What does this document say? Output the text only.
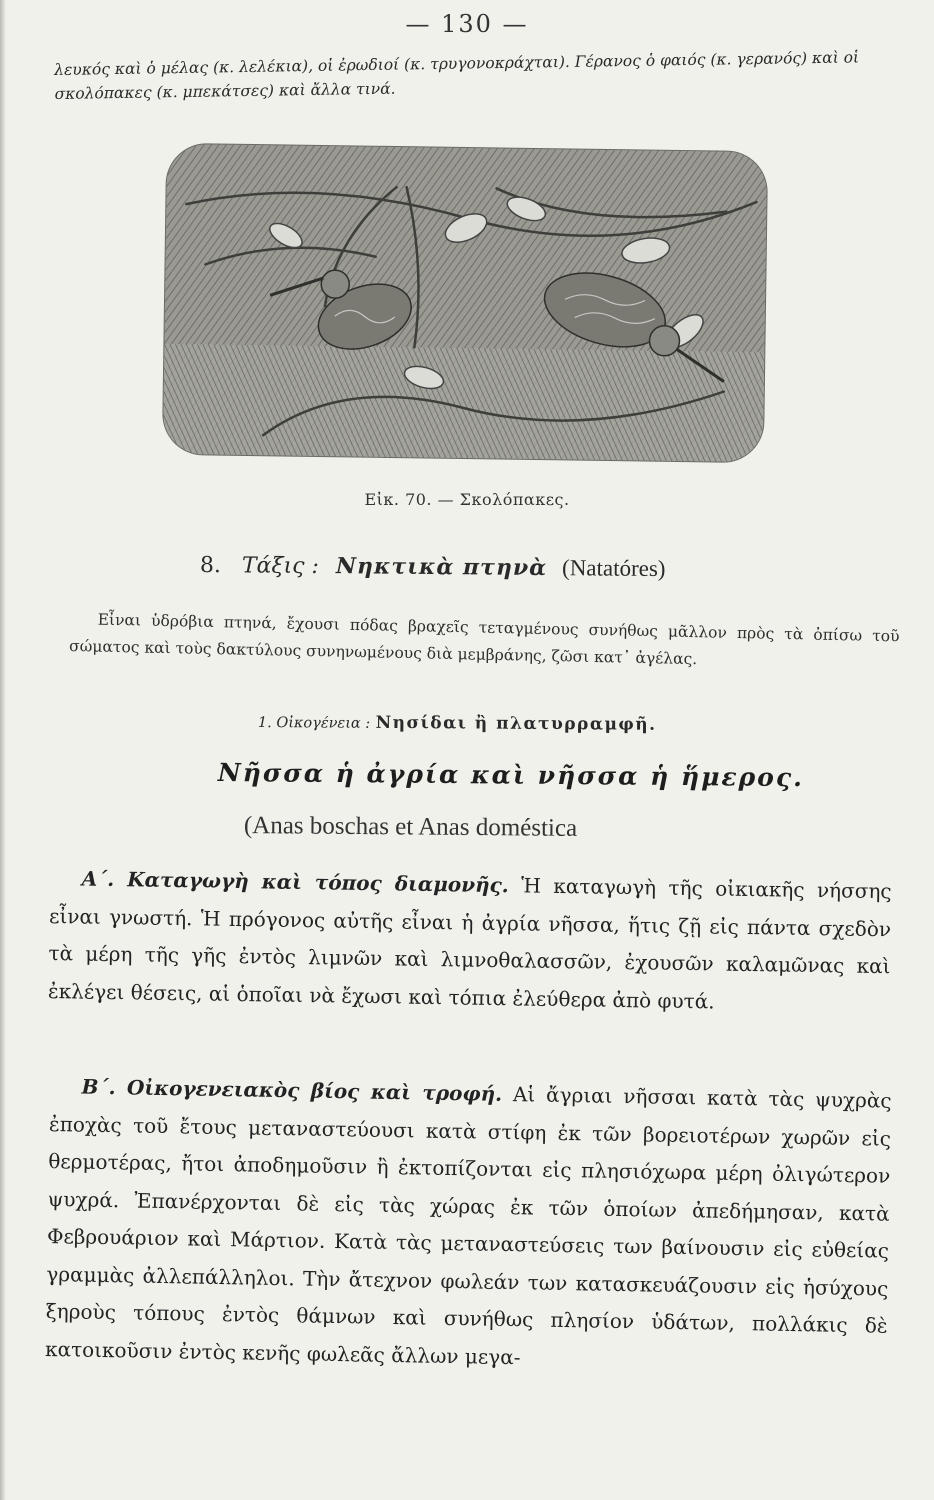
— 130 —

λευκός καὶ ὁ μέλας (κ. λελέκια), οἱ ἐρωδιοί (κ. τρυγονοκράχται). Γέρανος ὁ φαιός (κ. γερανός) καὶ οἱ σκολόπακες (κ. μπεκάτσες) καὶ ἄλλα τινά.

Εἰκ. 70. — Σκολόπακες.
8. Τάξις : Νηκτικὰ πτηνὰ (Natatóres)

Εἶναι ὑδρόβια πτηνά, ἔχουσι πόδας βραχεῖς τεταγμένους συνήθως μᾶλλον πρὸς τὰ ὀπίσω τοῦ σώματος καὶ τοὺς δακτύλους συνηνωμένους διὰ μεμβράνης, ζῶσι κατ᾿ ἀγέλας.

1. Οἰκογένεια : Νησίδαι ἢ πλατυρραμφῆ.
Νῆσσα ἡ ἀγρία καὶ νῆσσα ἡ ἥμερος.
(Anas boschas et Anas doméstica

Α΄. Καταγωγὴ καὶ τόπος διαμονῆς. Ἡ καταγωγὴ τῆς οἰκιακῆς νήσσης εἶναι γνωστή. Ἡ πρόγονος αὐτῆς εἶναι ἡ ἀγρία νῆσσα, ἥτις ζῇ εἰς πάντα σχεδὸν τὰ μέρη τῆς γῆς ἐντὸς λιμνῶν καὶ λιμνοθαλασσῶν, ἐχουσῶν καλαμῶνας καὶ ἐκλέγει θέσεις, αἱ ὁποῖαι νὰ ἔχωσι καὶ τόπια ἐλεύθερα ἀπὸ φυτά.

Β΄. Οἰκογενειακὸς βίος καὶ τροφή. Αἱ ἄγριαι νῆσσαι κατὰ τὰς ψυχρὰς ἐποχὰς τοῦ ἔτους μεταναστεύουσι κατὰ στίφη ἐκ τῶν βορειοτέρων χωρῶν εἰς θερμοτέρας, ἤτοι ἀποδημοῦσιν ἢ ἐκτοπίζονται εἰς πλησιόχωρα μέρη ὀλιγώτερον ψυχρά. Ἐπανέρχονται δὲ εἰς τὰς χώρας ἐκ τῶν ὁποίων ἀπεδήμησαν, κατὰ Φεβρουάριον καὶ Μάρτιον. Κατὰ τὰς μεταναστεύσεις των βαίνουσιν εἰς εὐθείας γραμμὰς ἀλλεπάλληλοι. Τὴν ἄτεχνον φωλεάν των κατασκευάζουσιν εἰς ἡσύχους ξηροὺς τόπους ἐντὸς θάμνων καὶ συνήθως πλησίον ὑδάτων, πολλάκις δὲ κατοικοῦσιν ἐντὸς κενῆς φωλεᾶς ἄλλων μεγα-
